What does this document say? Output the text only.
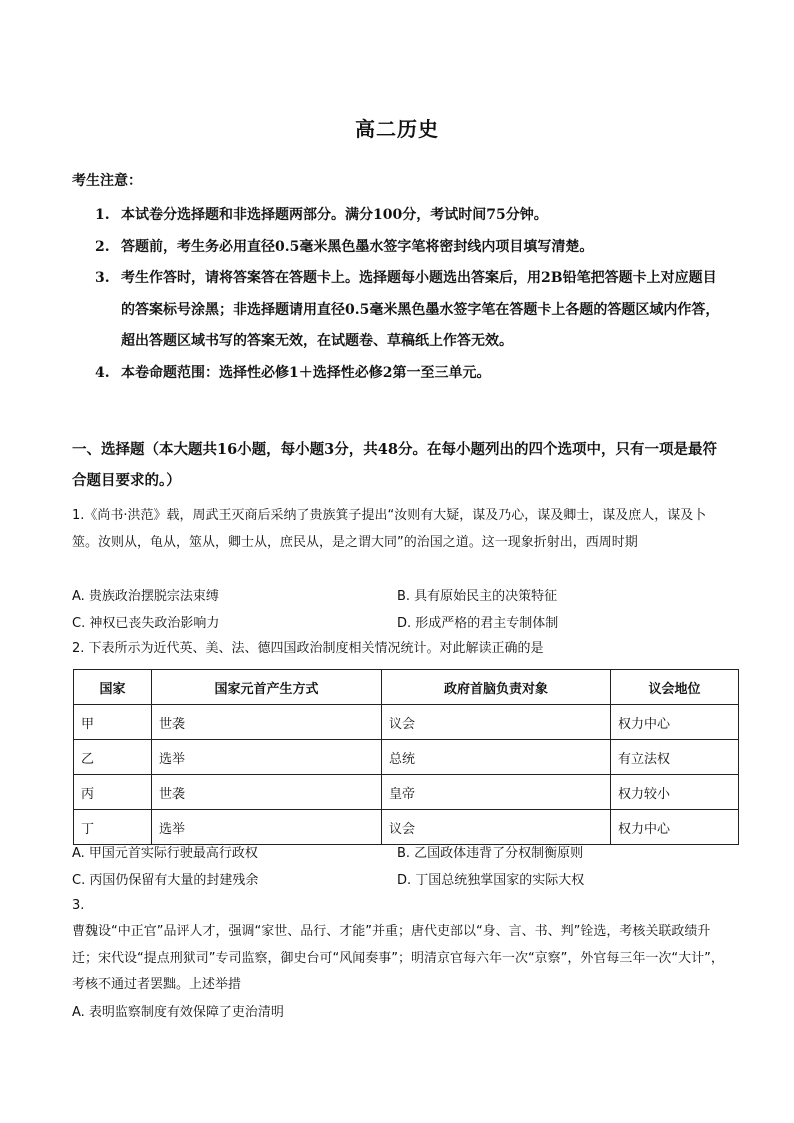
高二历史
考生注意：
1. 本试卷分选择题和非选择题两部分。满分100分，考试时间75分钟。
2. 答题前，考生务必用直径0.5毫米黑色墨水签字笔将密封线内项目填写清楚。
3. 考生作答时，请将答案答在答题卡上。选择题每小题选出答案后，用2B铅笔把答题卡上对应题目的答案标号涂黑；非选择题请用直径0.5毫米黑色墨水签字笔在答题卡上各题的答题区域内作答，超出答题区域书写的答案无效，在试题卷、草稿纸上作答无效。
4. 本卷命题范围：选择性必修1＋选择性必修2第一至三单元。
一、选择题（本大题共16小题，每小题3分，共48分。在每小题列出的四个选项中，只有一项是最符合题目要求的。）
1.《尚书·洪范》载，周武王灭商后采纳了贵族箕子提出“汝则有大疑，谋及乃心，谋及卿士，谋及庶人，谋及卜筮。汝则从，龟从，筮从，卿士从，庶民从，是之谓大同”的治国之道。这一现象折射出，西周时期
A. 贵族政治摆脱宗法束缚	B. 具有原始民主的决策特征
C. 神权已丧失政治影响力	D. 形成严格的君主专制体制
2. 下表所示为近代英、美、法、德四国政治制度相关情况统计。对此解读正确的是
国家	国家元首产生方式	政府首脑负责对象	议会地位
甲	世袭	议会	权力中心
乙	选举	总统	有立法权
丙	世袭	皇帝	权力较小
丁	选举	议会	权力中心
A. 甲国元首实际行驶最高行政权	B. 乙国政体违背了分权制衡原则
C. 丙国仍保留有大量的封建残余	D. 丁国总统独掌国家的实际大权
3.
曹魏设“中正官”品评人才，强调“家世、品行、才能”并重；唐代吏部以“身、言、书、判”铨选，考核关联政绩升迁；宋代设“提点刑狱司”专司监察，御史台可“风闻奏事”；明清京官每六年一次“京察”，外官每三年一次“大计”，考核不通过者罢黜。上述举措
A. 表明监察制度有效保障了吏治清明
